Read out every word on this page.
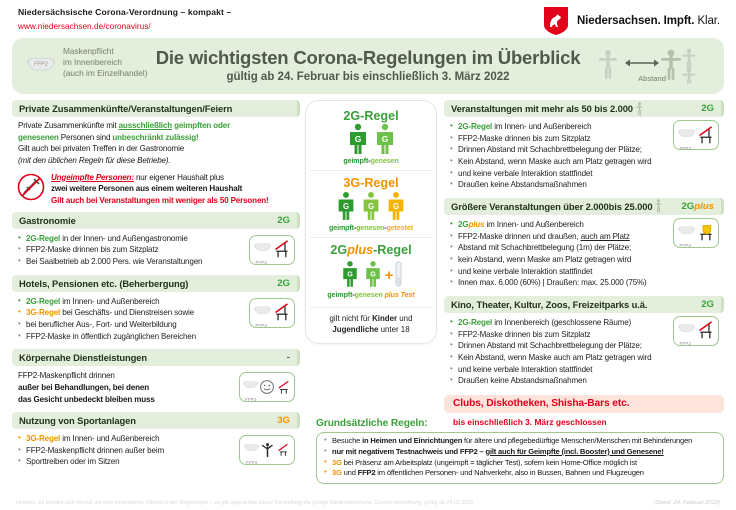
Niedersächsische Corona-Verordnung – kompakt –
www.niedersachsen.de/coronavirus/	Niedersachsen. Impft. Klar.
FFP2
Maskenpflicht
im Innenbereich
(auch im Einzelhandel)
Die wichtigsten Corona-Regelungen im Überblick
gültig ab 24. Februar bis einschließlich 3. März 2022	Abstand
Private Zusammenkünfte/Veranstaltungen/Feiern
Private Zusammenkünfte mit ausschließlich geimpften oder
genesenen Personen sind unbeschränkt zulässig!
Gilt auch bei privaten Treffen in der Gastronomie
(mit den üblichen Regeln für diese Betriebe).
Ungeimpfte Personen: nur eigener Haushalt plus
zwei weitere Personen aus einem weiteren Haushalt
Gilt auch bei Veranstaltungen mit weniger als 50 Personen!
Gastronomie	2G
• 2G-Regel in der Innen- und Außengastronomie
• FFP2-Maske drinnen bis zum Sitzplatz
• Bei Saalbetrieb ab 2.000 Pers. wie Veranstaltungen	FFP2
Hotels, Pensionen etc. (Beherbergung)	2G
• 2G-Regel im Innen- und Außenbereich
• 3G-Regel bei Geschäfts- und Dienstreisen sowie
• bei beruflicher Aus-, Fort- und Weiterbildung
• FFP2-Maske in öffentlich zugänglichen Bereichen
FFP2
Körpernahe Dienstleistungen	-
FFP2-Maskenpflicht drinnen
außer bei Behandlungen, bei denen
das Gesicht unbedeckt bleiben muss	FFP2
Nutzung von Sportanlagen	3G
• 3G-Regel im Innen- und Außenbereich
• FFP2-Maskenpflicht drinnen außer beim
• Sporttreiben oder im Sitzen	FFP2
2G-Regel
G G
geimpft-genesen
3G-Regel
G G G
geimpft-genesen-getestet
2Gplus-Regel
G G +
geimpft-genesen plus Test
gilt nicht für Kinder und
Jugendliche unter 18
Veranstaltungen mit mehr als 50 bis 2.000	2G
• 2G-Regel im Innen- und Außenbereich
• FFP2-Maske drinnen bis zum Sitzplatz
• Drinnen Abstand mit Schachbrettbelegung der Plätze;
• Kein Abstand, wenn Maske auch am Platz getragen wird
• und keine verbale Interaktion stattfindet
• Draußen keine Abstandsmaßnahmen
FFP2
Größere Veranstaltungen über 2.000 bis 25.000	2Gplus
• 2Gplus im Innen- und Außenbereich
• FFP2-Maske drinnen und draußen, auch am Platz
• Abstand mit Schachbrettbelegung (1m) der Plätze;
• kein Abstand, wenn Maske am Platz getragen wird
• und keine verbale Interaktion stattfindet
• Innen max. 6.000 (60%) | Draußen: max. 25.000 (75%)
FFP2
Kino, Theater, Kultur, Zoos, Freizeitparks u.ä.	2G
• 2G-Regel im Innenbereich (geschlossene Räume)
• FFP2-Maske drinnen bis zum Sitzplatz
• Drinnen Abstand mit Schachbrettbelegung der Plätze;
• Kein Abstand, wenn Maske auch am Platz getragen wird
• und keine verbale Interaktion stattfindet
• Draußen keine Abstandsmaßnahmen
FFP2
Clubs, Diskotheken, Shisha-Bars etc.
bis einschließlich 3. März geschlossen
Grundsätzliche Regeln:
• Besuche in Heimen und Einrichtungen für ältere und pflegebedürftige Menschen/Menschen mit Behinderungen
• nur mit negativem Testnachweis und FFP2 – gilt auch für Geimpfte (incl. Booster) und Genesene!
• 3G bei Präsenz am Arbeitsplatz (ungeimpft = täglicher Test), sofern kein Home-Office möglich ist
• 3G und FFP2 im öffentlichen Personen- und Nahverkehr, also in Bussen, Bahnen und Flugzeugen
Hinweis: Es handelt sich hierbei um eine vereinfachte Übersicht der Regelungen – es gilt ungeachtet dieser Darstellung die gültige Niedersächsische Corona-Verordnung, gültig ab 24.02.2022	(Stand: 24. Februar 2022)
